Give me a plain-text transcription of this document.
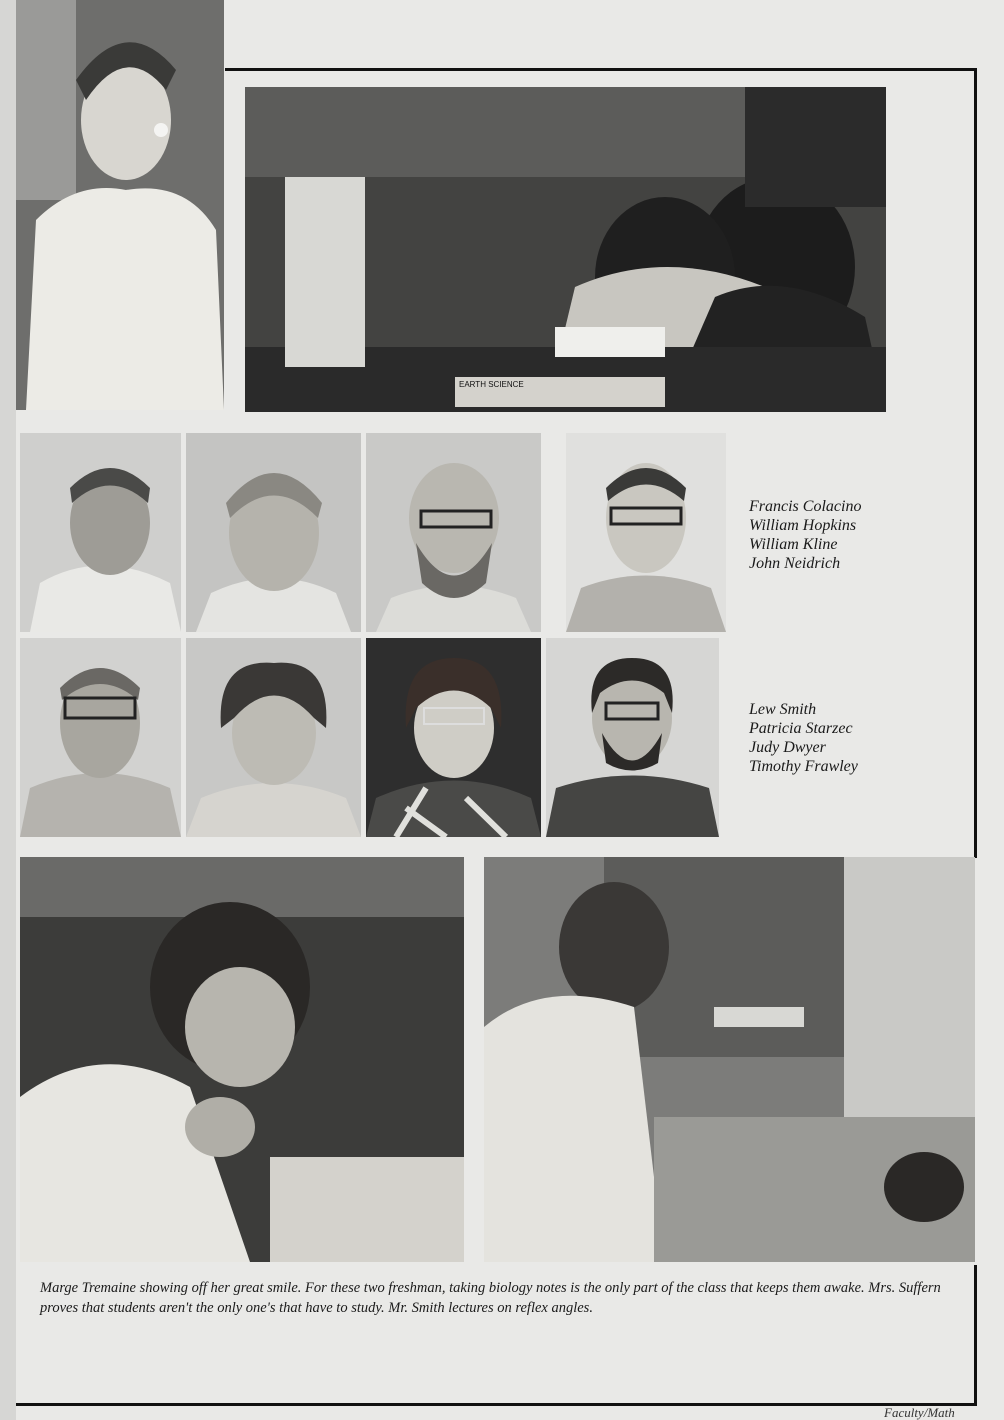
EARTH SCIENCE
Francis Colacino
William Hopkins
William Kline
John Neidrich
Lew Smith
Patricia Starzec
Judy Dwyer
Timothy Frawley
Marge Tremaine showing off her great smile. For these two freshman, taking biology notes is the only part of the class that keeps them awake. Mrs. Suffern proves that students aren't the only one's that have to study. Mr. Smith lectures on reflex angles.
Faculty/Math
